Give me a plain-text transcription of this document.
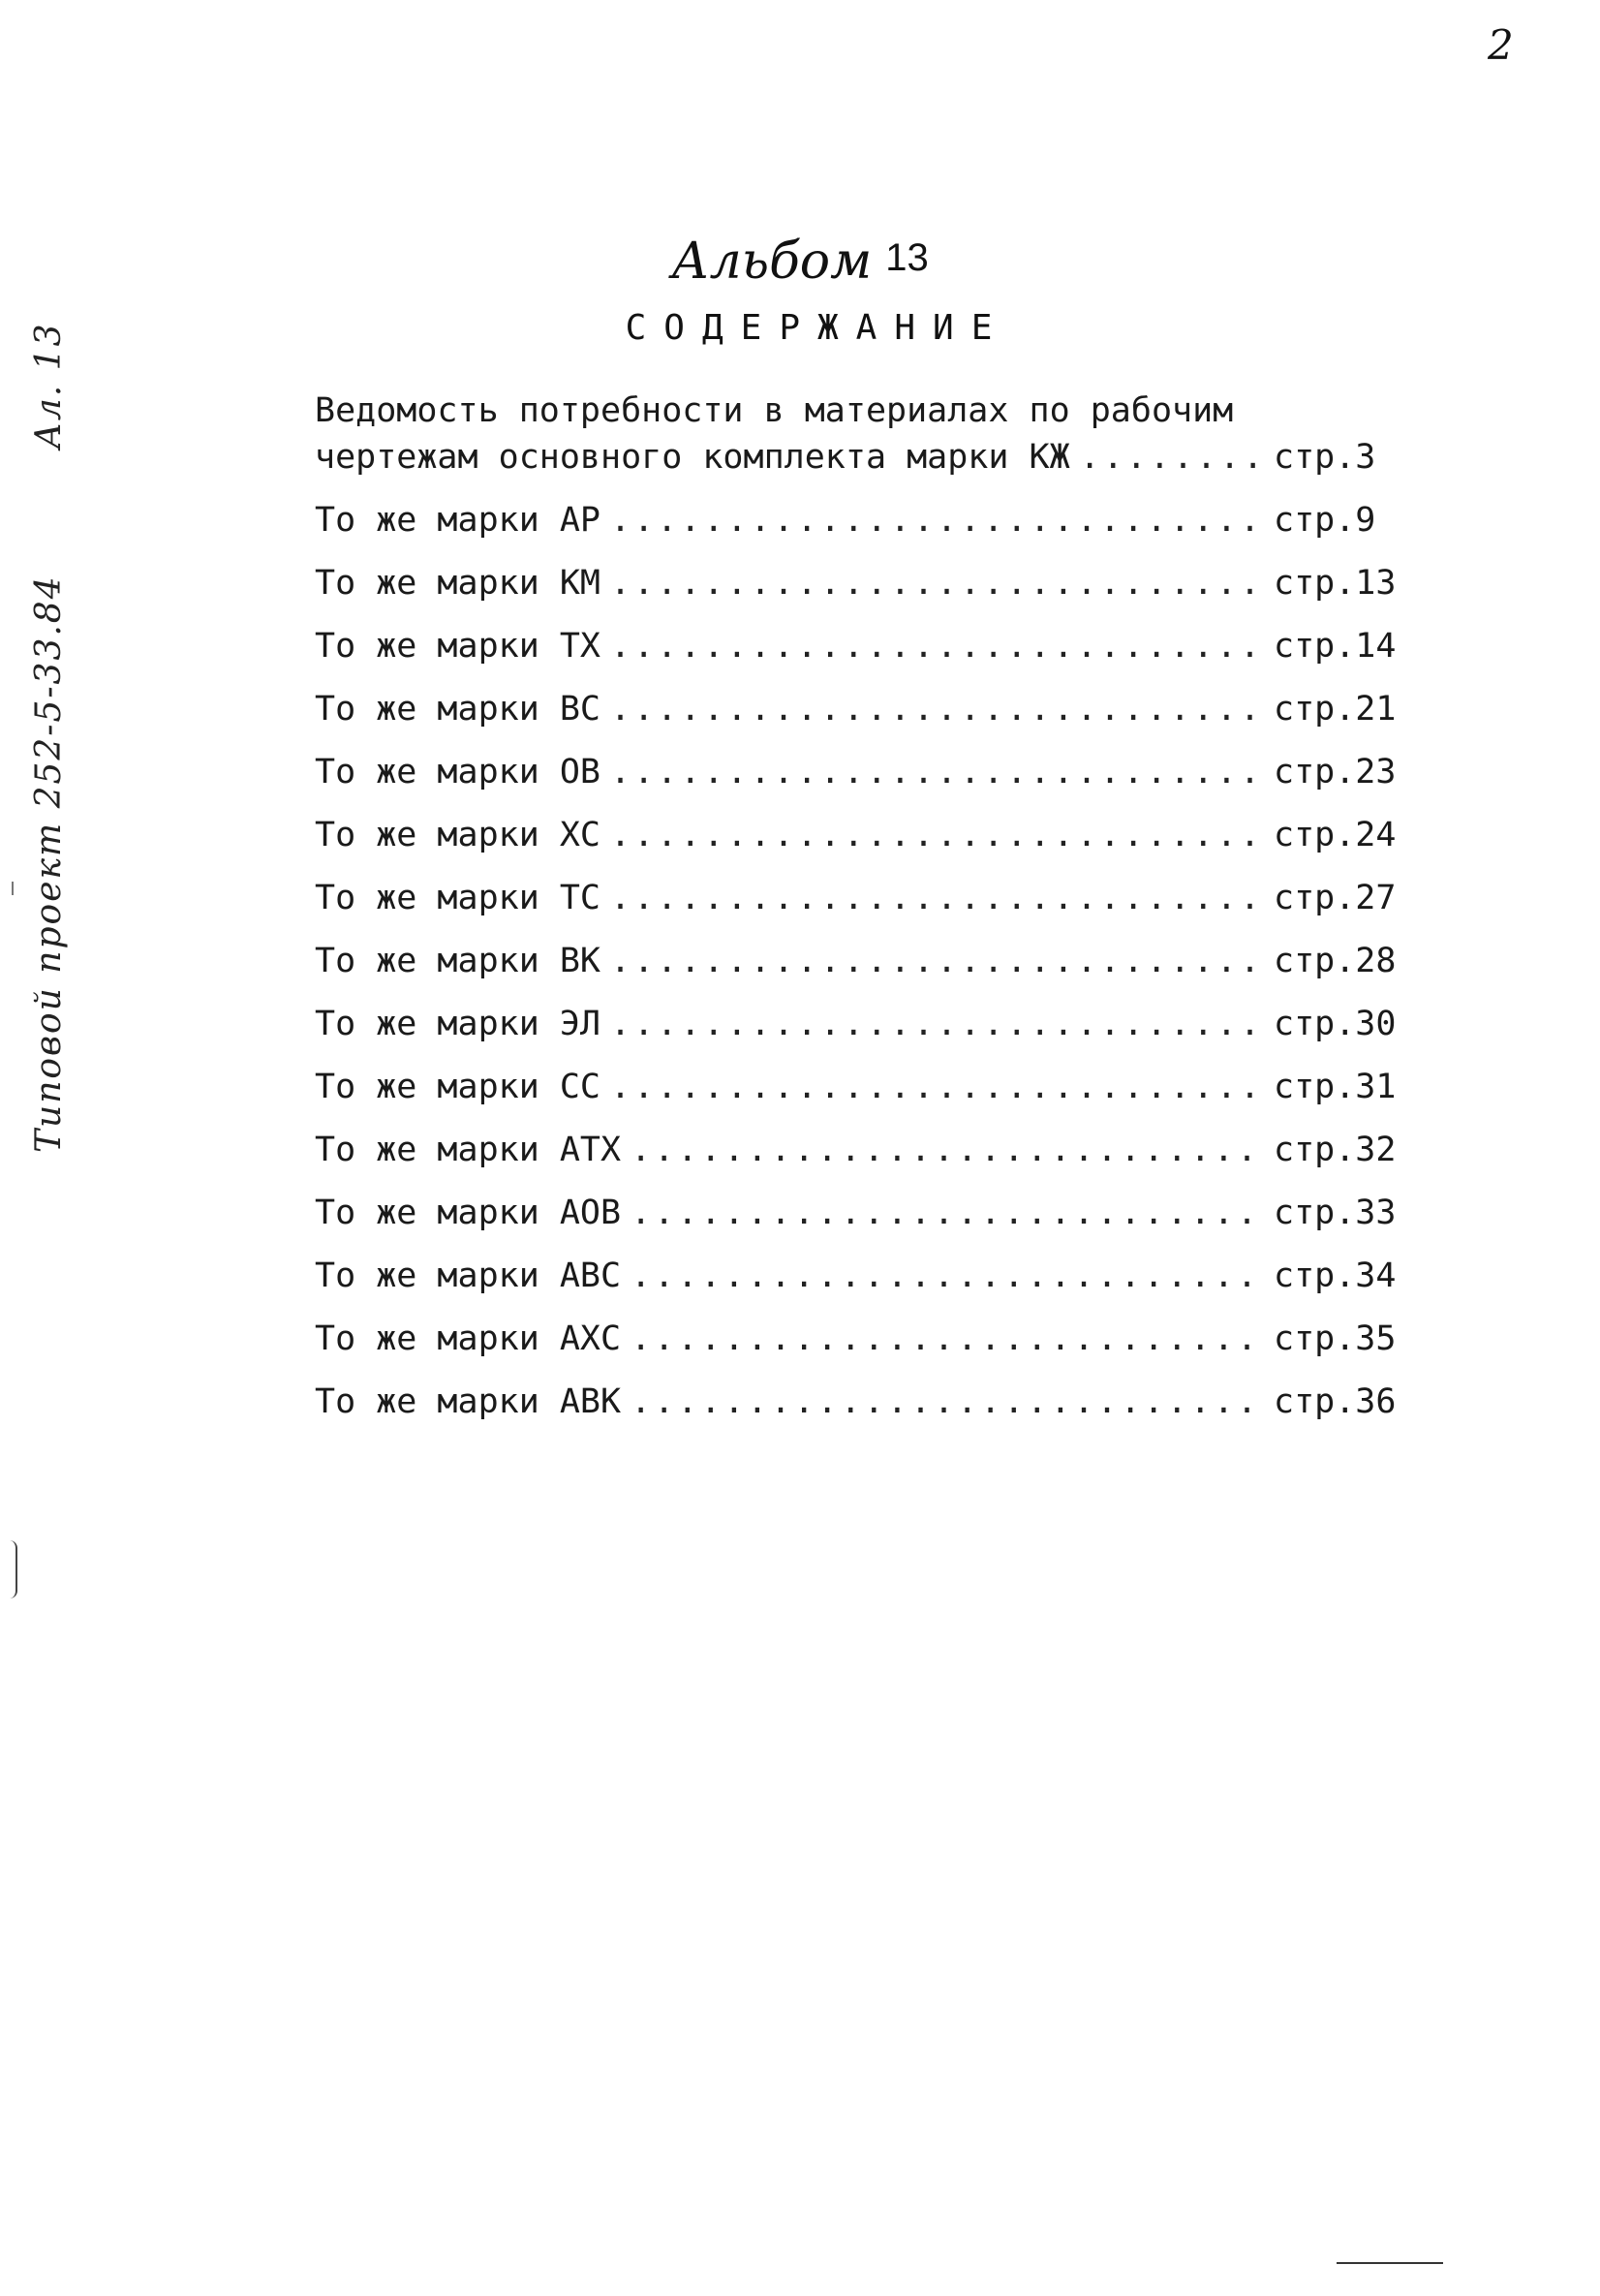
2
Типовой проект 252-5-33.84
Ал. 13
Альбом 13
СОДЕРЖАНИЕ
Ведомость потребности в материалах по рабочим
чертежам основного комплекта марки КЖ .....	стр.3
То же марки АР .....	стр.9
То же марки КМ .....	стр.13
То же марки ТХ .....	стр.14
То же марки ВС .....	стр.21
То же марки ОВ .....	стр.23
То же марки ХС .....	стр.24
То же марки ТС .....	стр.27
То же марки ВК .....	стр.28
То же марки ЭЛ .....	стр.30
То же марки СС .....	стр.31
То же марки АТХ .....	стр.32
То же марки АОВ .....	стр.33
То же марки АВС .....	стр.34
То же марки АХС .....	стр.35
То же марки АВК .....	стр.36
